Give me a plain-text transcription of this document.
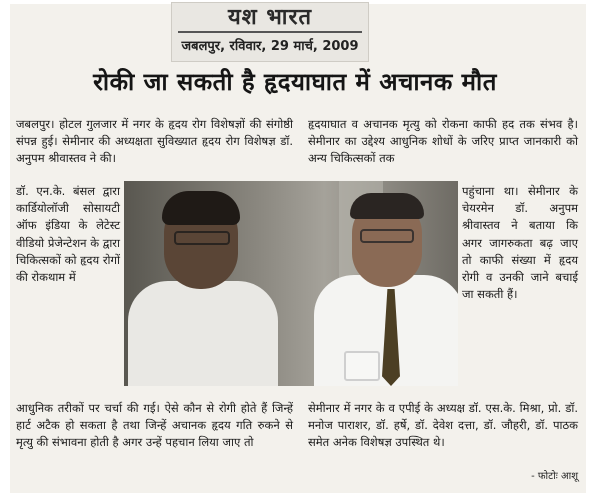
यश भारत
जबलपुर, रविवार, 29 मार्च, 2009
रोकी जा सकती है हृदयाघात में अचानक मौत

जबलपुर। होटल गुलजार में नगर के हृदय रोग विशेषज्ञों की संगोष्ठी संपन्न हुई। सेमीनार की अध्यक्षता सुविख्यात हृदय रोग विशेषज्ञ डॉ. अनुपम श्रीवास्तव ने की।

हृदयाघात व अचानक मृत्यु को रोकना काफी हद तक संभव है। सेमीनार का उद्देश्य आधुनिक शोधों के जरिए प्राप्त जानकारी को अन्य चिकित्सकों तक

डॉ. एन.के. बंसल द्वारा कार्डियोलॉजी सोसायटी ऑफ इंडिया के लेटेस्ट वीडियो प्रेजेन्टेशन के द्वारा चिकित्सकों को हृदय रोगों की रोकथाम में

पहुंचाना था। सेमीनार के चेयरमेन डॉ. अनुपम श्रीवास्तव ने बताया कि अगर जागरुकता बढ़ जाए तो काफी संख्या में हृदय रोगी व उनकी जाने बचाई जा सकती हैं।

आधुनिक तरीकों पर चर्चा की गई। ऐसे कौन से रोगी होते हैं जिन्हें हार्ट अटैक हो सकता है तथा जिन्हें अचानक हृदय गति रुकने से मृत्यु की संभावना होती है अगर उन्हें पहचान लिया जाए तो

सेमीनार में नगर के व एपीई के अध्यक्ष डॉ. एस.के. मिश्रा, प्रो. डॉ. मनोज पाराशर, डॉ. हर्षे, डॉ. देवेश दत्ता, डॉ. जौहरी, डॉ. पाठक समेत अनेक विशेषज्ञ उपस्थित थे।

- फोटोः आशू
